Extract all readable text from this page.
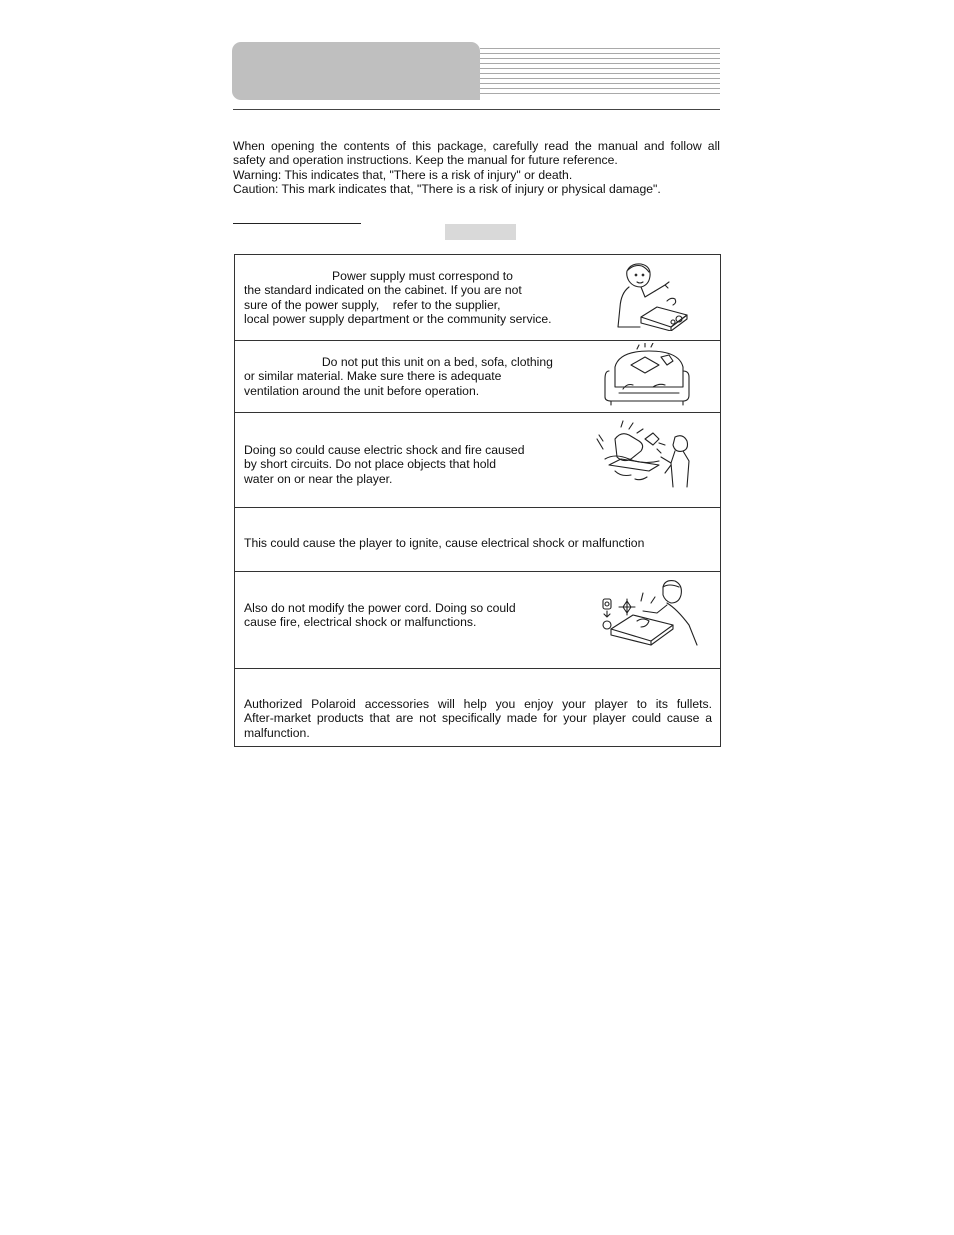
When opening the contents of this package, carefully read the manual and follow all

safety and operation instructions. Keep the manual for future reference.

Warning: This indicates that, "There is a risk of injury" or death.

Caution: This mark indicates that, "There is a risk of injury or physical damage".

Power supply must correspond to
the standard indicated on the cabinet. If you are not
sure of the power supply,    refer to the supplier,
local power supply department or the community service.
Do not put this unit on a bed, sofa, clothing
or similar material. Make sure there is adequate
ventilation around the unit before operation.
Doing so could cause electric shock and fire caused
by short circuits. Do not place objects that hold
water on or near the player.
This could cause the player to ignite, cause electrical shock or malfunction
Also do not modify the power cord. Doing so could
cause fire, electrical shock or malfunctions.
Authorized Polaroid accessories will help you enjoy your player to its fullets.
After-market products that are not specifically made for your player could cause a
malfunction.
